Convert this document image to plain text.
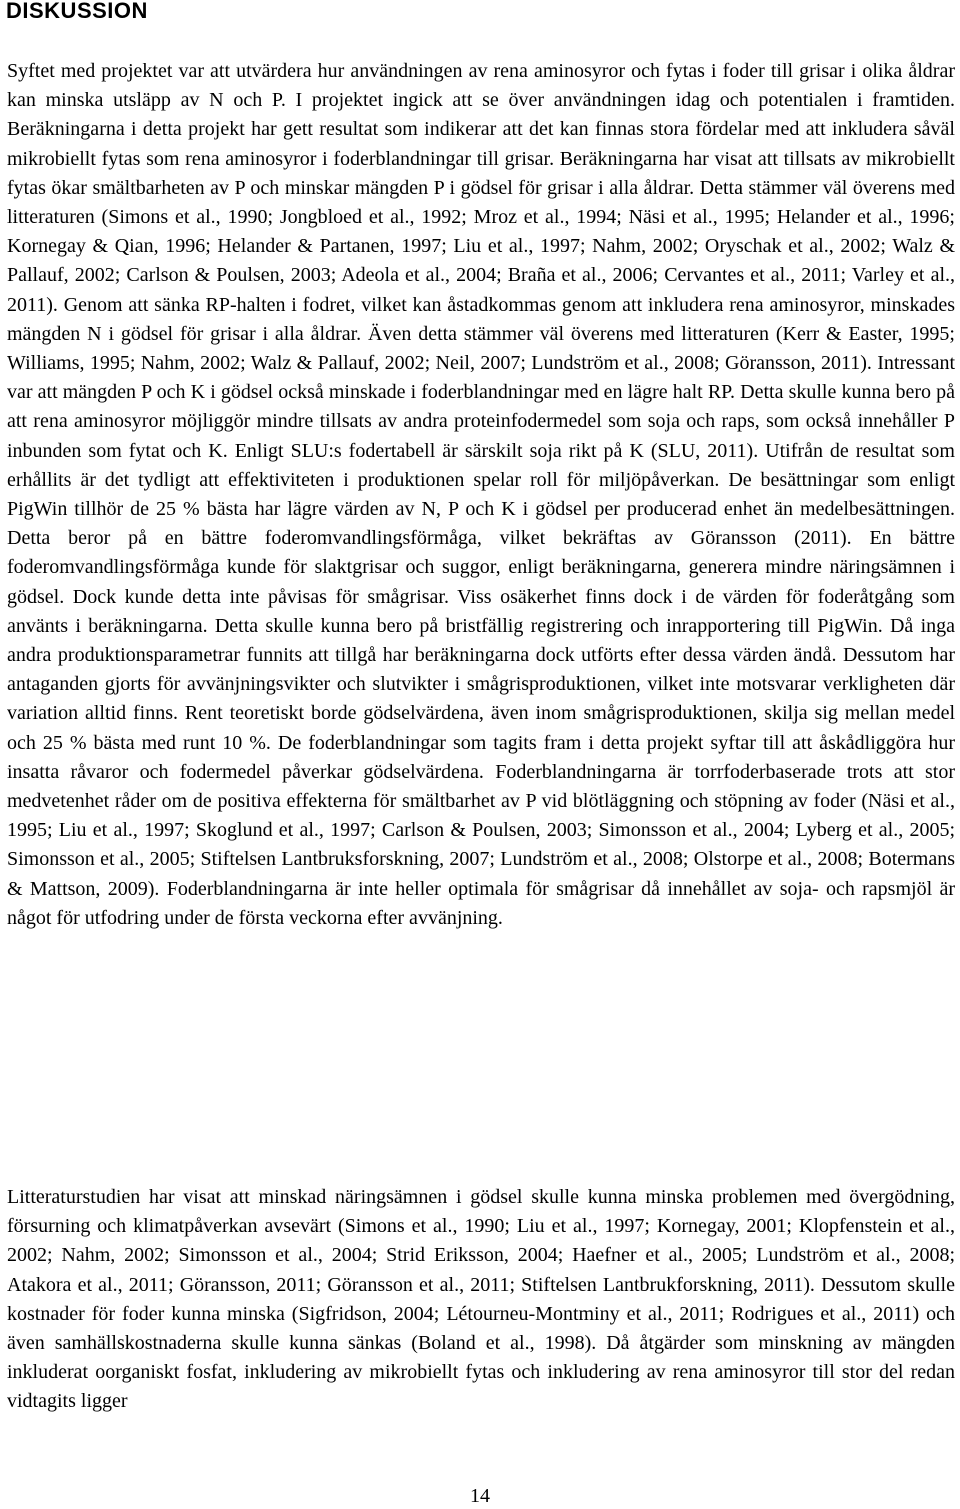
DISKUSSION

Syftet med projektet var att utvärdera hur användningen av rena aminosyror och fytas i foder till grisar i olika åldrar kan minska utsläpp av N och P. I projektet ingick att se över användningen idag och potentialen i framtiden. Beräkningarna i detta projekt har gett resultat som indikerar att det kan finnas stora fördelar med att inkludera såväl mikrobiellt fytas som rena aminosyror i foderblandningar till grisar. Beräkningarna har visat att tillsats av mikrobiellt fytas ökar smältbarheten av P och minskar mängden P i gödsel för grisar i alla åldrar. Detta stämmer väl överens med litteraturen (Simons et al., 1990; Jongbloed et al., 1992; Mroz et al., 1994; Näsi et al., 1995; Helander et al., 1996; Kornegay & Qian, 1996; Helander & Partanen, 1997; Liu et al., 1997; Nahm, 2002; Oryschak et al., 2002; Walz & Pallauf, 2002; Carlson & Poulsen, 2003; Adeola et al., 2004; Braña et al., 2006; Cervantes et al., 2011; Varley et al., 2011). Genom att sänka RP-halten i fodret, vilket kan åstadkommas genom att inkludera rena aminosyror, minskades mängden N i gödsel för grisar i alla åldrar. Även detta stämmer väl överens med litteraturen (Kerr & Easter, 1995; Williams, 1995; Nahm, 2002; Walz & Pallauf, 2002; Neil, 2007; Lundström et al., 2008; Göransson, 2011). Intressant var att mängden P och K i gödsel också minskade i foderblandningar med en lägre halt RP. Detta skulle kunna bero på att rena aminosyror möjliggör mindre tillsats av andra proteinfodermedel som soja och raps, som också innehåller P inbunden som fytat och K. Enligt SLU:s fodertabell är särskilt soja rikt på K (SLU, 2011). Utifrån de resultat som erhållits är det tydligt att effektiviteten i produktionen spelar roll för miljöpåverkan. De besättningar som enligt PigWin tillhör de 25 % bästa har lägre värden av N, P och K i gödsel per producerad enhet än medelbesättningen. Detta beror på en bättre foderomvandlingsförmåga, vilket bekräftas av Göransson (2011). En bättre foderomvandlingsförmåga kunde för slaktgrisar och suggor, enligt beräkningarna, generera mindre näringsämnen i gödsel. Dock kunde detta inte påvisas för smågrisar. Viss osäkerhet finns dock i de värden för foderåtgång som använts i beräkningarna. Detta skulle kunna bero på bristfällig registrering och inrapportering till PigWin. Då inga andra produktionsparametrar funnits att tillgå har beräkningarna dock utförts efter dessa värden ändå. Dessutom har antaganden gjorts för avvänjningsvikter och slutvikter i smågrisproduktionen, vilket inte motsvarar verkligheten där variation alltid finns. Rent teoretiskt borde gödselvärdena, även inom smågrisproduktionen, skilja sig mellan medel och 25 % bästa med runt 10 %. De foderblandningar som tagits fram i detta projekt syftar till att åskådliggöra hur insatta råvaror och fodermedel påverkar gödselvärdena. Foderblandningarna är torrfoderbaserade trots att stor medvetenhet råder om de positiva effekterna för smältbarhet av P vid blötläggning och stöpning av foder (Näsi et al., 1995; Liu et al., 1997; Skoglund et al., 1997; Carlson & Poulsen, 2003; Simonsson et al., 2004; Lyberg et al., 2005; Simonsson et al., 2005; Stiftelsen Lantbruksforskning, 2007; Lundström et al., 2008; Olstorpe et al., 2008; Botermans & Mattson, 2009). Foderblandningarna är inte heller optimala för smågrisar då innehållet av soja- och rapsmjöl är något för utfodring under de första veckorna efter avvänjning.

Litteraturstudien har visat att minskad näringsämnen i gödsel skulle kunna minska problemen med övergödning, försurning och klimatpåverkan avsevärt (Simons et al., 1990; Liu et al., 1997; Kornegay, 2001; Klopfenstein et al., 2002; Nahm, 2002; Simonsson et al., 2004; Strid Eriksson, 2004; Haefner et al., 2005; Lundström et al., 2008; Atakora et al., 2011; Göransson, 2011; Göransson et al., 2011; Stiftelsen Lantbrukforskning, 2011). Dessutom skulle kostnader för foder kunna minska (Sigfridson, 2004; Létourneu-Montminy et al., 2011; Rodrigues et al., 2011) och även samhällskostnaderna skulle kunna sänkas (Boland et al., 1998). Då åtgärder som minskning av mängden inkluderat oorganiskt fosfat, inkludering av mikrobiellt fytas och inkludering av rena aminosyror till stor del redan vidtagits ligger

14
